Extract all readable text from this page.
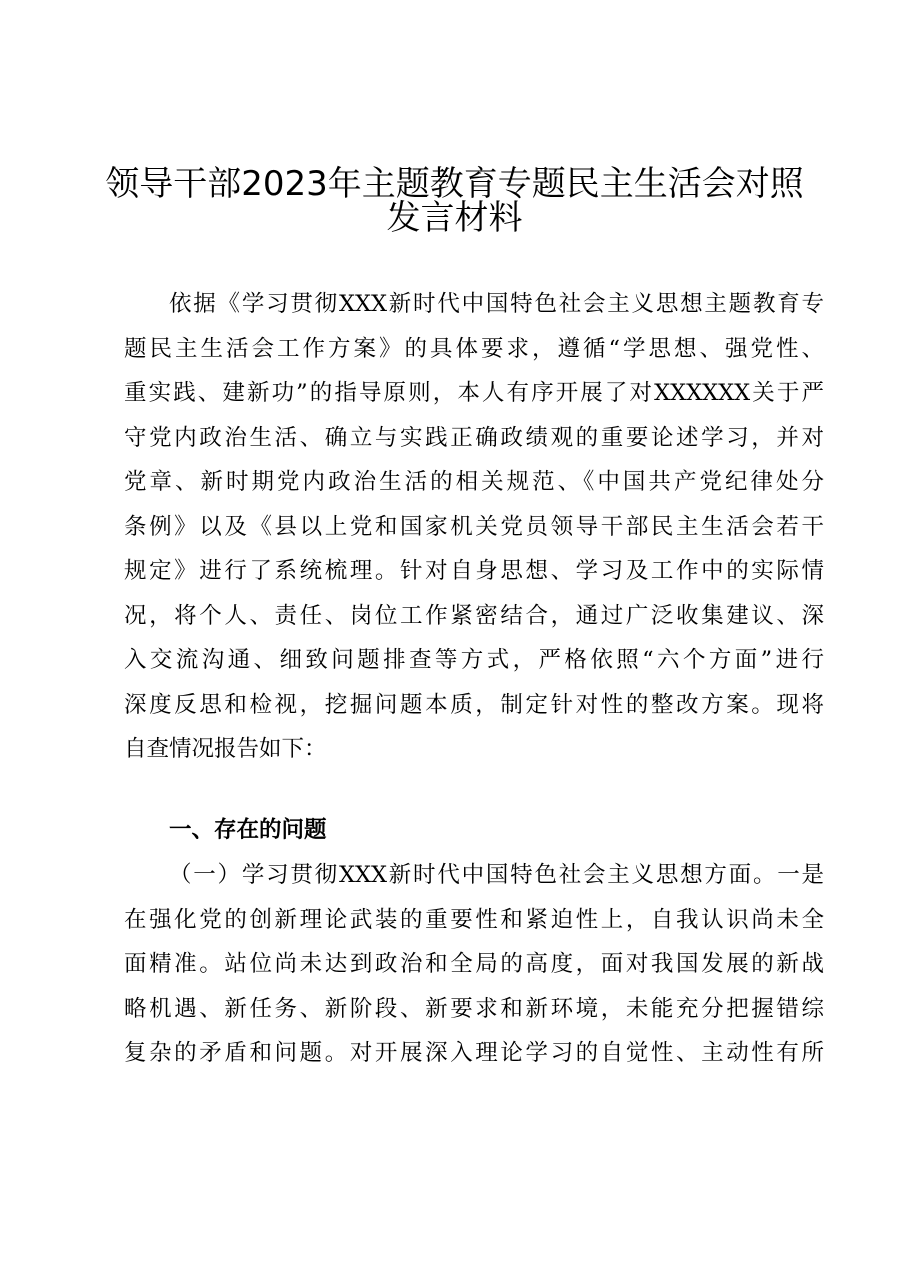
领导干部2023年主题教育专题民主生活会对照
发言材料
依据《学习贯彻XXX新时代中国特色社会主义思想主题教育专
题民主生活会工作方案》的具体要求，遵循“学思想、强党性、
重实践、建新功”的指导原则，本人有序开展了对XXXXXX关于严
守党内政治生活、确立与实践正确政绩观的重要论述学习，并对
党章、新时期党内政治生活的相关规范、《中国共产党纪律处分
条例》以及《县以上党和国家机关党员领导干部民主生活会若干
规定》进行了系统梳理。针对自身思想、学习及工作中的实际情
况，将个人、责任、岗位工作紧密结合，通过广泛收集建议、深
入交流沟通、细致问题排查等方式，严格依照“六个方面”进行
深度反思和检视，挖掘问题本质，制定针对性的整改方案。现将
自查情况报告如下：
一、存在的问题
（一）学习贯彻XXX新时代中国特色社会主义思想方面。一是
在强化党的创新理论武装的重要性和紧迫性上，自我认识尚未全
面精准。站位尚未达到政治和全局的高度，面对我国发展的新战
略机遇、新任务、新阶段、新要求和新环境，未能充分把握错综
复杂的矛盾和问题。对开展深入理论学习的自觉性、主动性有所
